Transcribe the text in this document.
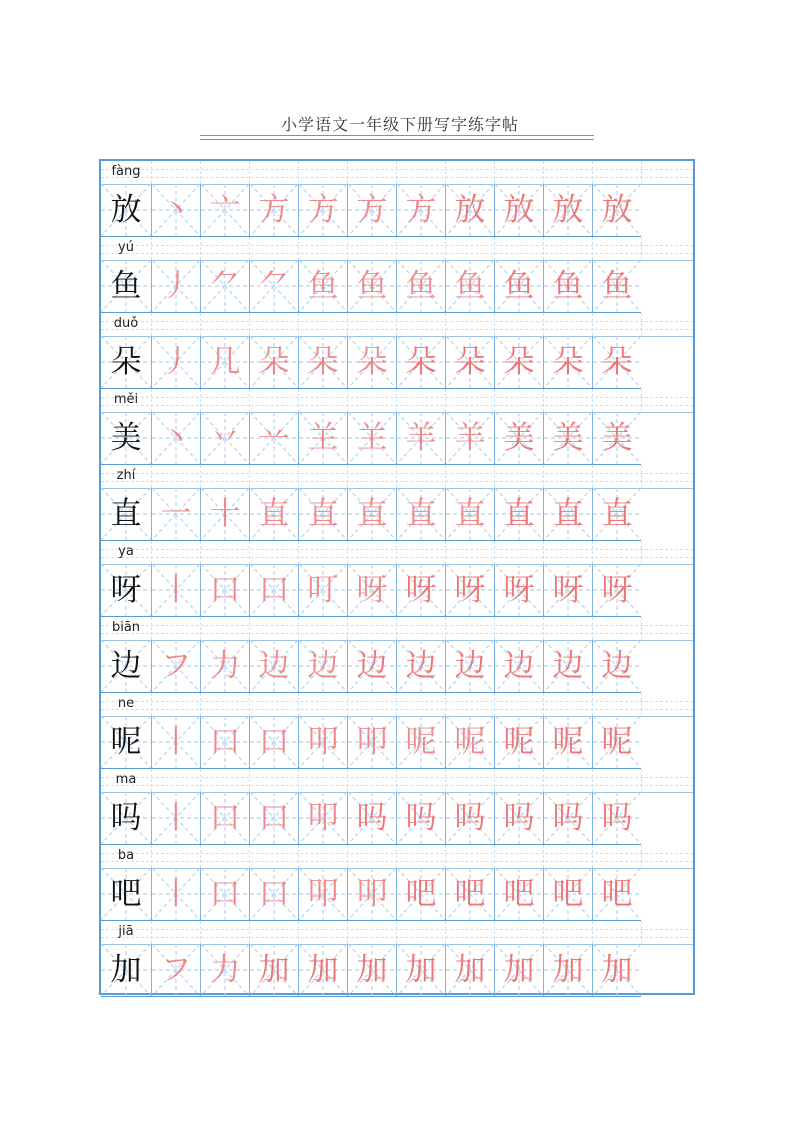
小学语文一年级下册写字练字帖
fàng
放 丶 亠 方 方 方 方 放 放 放 放
yú
鱼 丿 ⺈ ⺈ 鱼 鱼 鱼 鱼 鱼 鱼 鱼
duǒ
朵 丿 几 朵 朵 朵 朵 朵 朵 朵 朵
měi
美 丶 丷 䒑 𦍌 𦍌 羊 羊 美 美 美
zhí
直 一 十 直 直 直 直 直 直 直 直
ya
呀 丨 口 口 叮 呀 呀 呀 呀 呀 呀
biān
边 フ 力 边 边 边 边 边 边 边 边
ne
呢 丨 口 口 叩 叩 呢 呢 呢 呢 呢
ma
吗 丨 口 口 叩 吗 吗 吗 吗 吗 吗
ba
吧 丨 口 口 叩 叩 吧 吧 吧 吧 吧
jiā
加 フ 力 加 加 加 加 加 加 加 加
